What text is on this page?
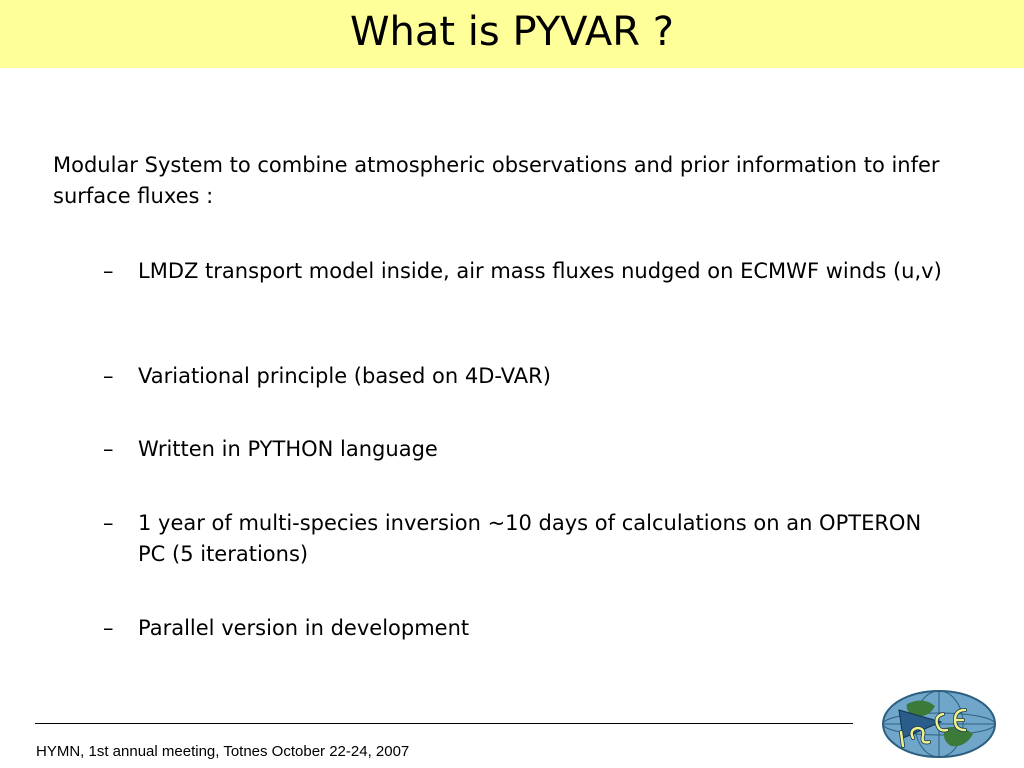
What is PYVAR ?
Modular System to combine atmospheric observations and prior information to infer surface fluxes :
–	LMDZ transport model inside, air mass fluxes nudged on ECMWF winds (u,v)
–	Variational principle (based on 4D-VAR)
–	Written in PYTHON language
–	1 year of multi-species inversion ~10 days of calculations on an OPTERON PC (5 iterations)
–	Parallel version in development
HYMN, 1st annual meeting, Totnes October 22-24, 2007
